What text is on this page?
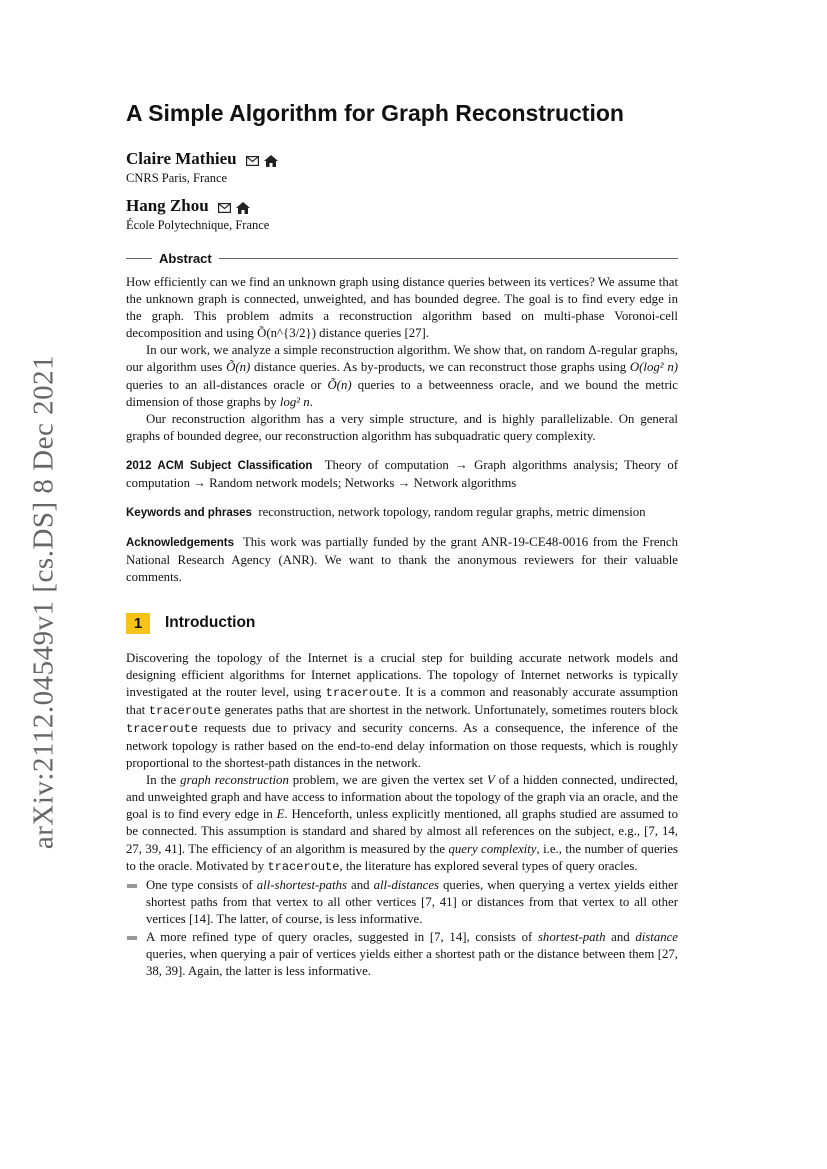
arXiv:2112.04549v1 [cs.DS] 8 Dec 2021
A Simple Algorithm for Graph Reconstruction
Claire Mathieu
CNRS Paris, France
Hang Zhou
École Polytechnique, France
Abstract

How efficiently can we find an unknown graph using distance queries between its vertices? We assume that the unknown graph is connected, unweighted, and has bounded degree. The goal is to find every edge in the graph. This problem admits a reconstruction algorithm based on multi-phase Voronoi-cell decomposition and using Õ(n^{3/2}) distance queries [27].

In our work, we analyze a simple reconstruction algorithm. We show that, on random Δ-regular graphs, our algorithm uses Õ(n) distance queries. As by-products, we can reconstruct those graphs using O(log² n) queries to an all-distances oracle or Õ(n) queries to a betweenness oracle, and we bound the metric dimension of those graphs by log² n.

Our reconstruction algorithm has a very simple structure, and is highly parallelizable. On general graphs of bounded degree, our reconstruction algorithm has subquadratic query complexity.

2012 ACM Subject Classification Theory of computation → Graph algorithms analysis; Theory of computation → Random network models; Networks → Network algorithms

Keywords and phrases reconstruction, network topology, random regular graphs, metric dimension

Acknowledgements This work was partially funded by the grant ANR-19-CE48-0016 from the French National Research Agency (ANR). We want to thank the anonymous reviewers for their valuable comments.

1	Introduction

Discovering the topology of the Internet is a crucial step for building accurate network models and designing efficient algorithms for Internet applications. The topology of Internet networks is typically investigated at the router level, using traceroute. It is a common and reasonably accurate assumption that traceroute generates paths that are shortest in the network. Unfortunately, sometimes routers block traceroute requests due to privacy and security concerns. As a consequence, the inference of the network topology is rather based on the end-to-end delay information on those requests, which is roughly proportional to the shortest-path distances in the network.

In the graph reconstruction problem, we are given the vertex set V of a hidden connected, undirected, and unweighted graph and have access to information about the topology of the graph via an oracle, and the goal is to find every edge in E. Henceforth, unless explicitly mentioned, all graphs studied are assumed to be connected. This assumption is standard and shared by almost all references on the subject, e.g., [7, 14, 27, 39, 41]. The efficiency of an algorithm is measured by the query complexity, i.e., the number of queries to the oracle. Motivated by traceroute, the literature has explored several types of query oracles.

One type consists of all-shortest-paths and all-distances queries, when querying a vertex yields either shortest paths from that vertex to all other vertices [7, 41] or distances from that vertex to all other vertices [14]. The latter, of course, is less informative.
A more refined type of query oracles, suggested in [7, 14], consists of shortest-path and distance queries, when querying a pair of vertices yields either a shortest path or the distance between them [27, 38, 39]. Again, the latter is less informative.
